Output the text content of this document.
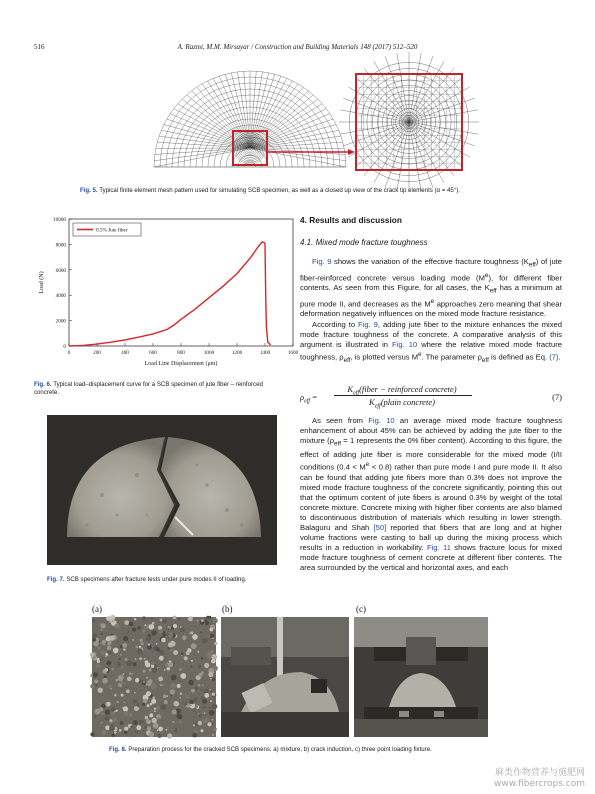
516	A. Razmi, M.M. Mirsayar / Construction and Building Materials 148 (2017) 512–520
Fig. 5. Typical finite element mesh pattern used for simulating SCB specimen, as well as a closed up view of the crack tip elements (α = 45°).
0	200	400	600	800	1000	1200	1400	1600
0
2000
4000
6000
8000
10000
Load Line Displacement (μm)
Load (N)
0.5% Jute fiber
Fig. 6. Typical load–displacement curve for a SCB specimen of jute fiber – reinforced concrete.
Fig. 7. SCB specimens after fracture tests under pure modes II of loading.
4. Results and discussion
4.1. Mixed mode fracture toughness

Fig. 9 shows the variation of the effective fracture toughness $(K_{eff})$ of jute fiber-reinforced concrete versus loading mode (Me), for different fiber contents. As seen from this Figure, for all cases, the $K_{eff}$ has a minimum at pure mode II, and decreases as the Me approaches zero meaning that shear deformation negatively influences on the mixed mode fracture resistance.

According to Fig. 9, adding jute fiber to the mixture enhances the mixed mode fracture toughness of the concrete. A comparative analysis of this argument is illustrated in Fig. 10 where the relative mixed mode fracture toughness, $\rho_{eff}$, is plotted versus Me. The parameter $\rho_{eff}$ is defined as Eq. (7).

$\rho_{eff}$ =
$K_{eff}(fiber$ − reinforced concrete)
$K_{eff}(plain$ concrete)	(7)

As seen from Fig. 10 an average mixed mode fracture toughness enhancement of about 45% can be achieved by adding the jute fiber to the mixture ($\rho_{eff} = 1$ represents the 0% fiber content). According to this figure, the effect of adding jute fiber is more considerable for the mixed mode (I/II conditions $(0.4 < M^e < 0.8)$ rather than pure mode I and pure mode II. It also can be found that adding jute fibers more than 0.3% does not improve the mixed mode fracture toughness of the concrete significantly, pointing this out that the optimum content of jute fibers is around 0.3% by weight of the total concrete mixture. Concrete mixing with higher fiber contents are also blamed to discontinuous distribution of materials which resulting in lower strength. Balaguru and Shah [50] reported that fibers that are long and at higher volume fractions were casting to ball up during the mixing process which results in a reduction in workability. Fig. 11 shows fracture locus for mixed mode fracture toughness of cement concrete at different fiber contents. The area surrounded by the vertical and horizontal axes, and each

(a)	(b)	(c)
Fig. 8. Preparation process for the cracked SCB specimens: a) mixture, b) crack induction, c) three point loading fixture.
麻类作物营养与施肥网 www.fibercrops.com
